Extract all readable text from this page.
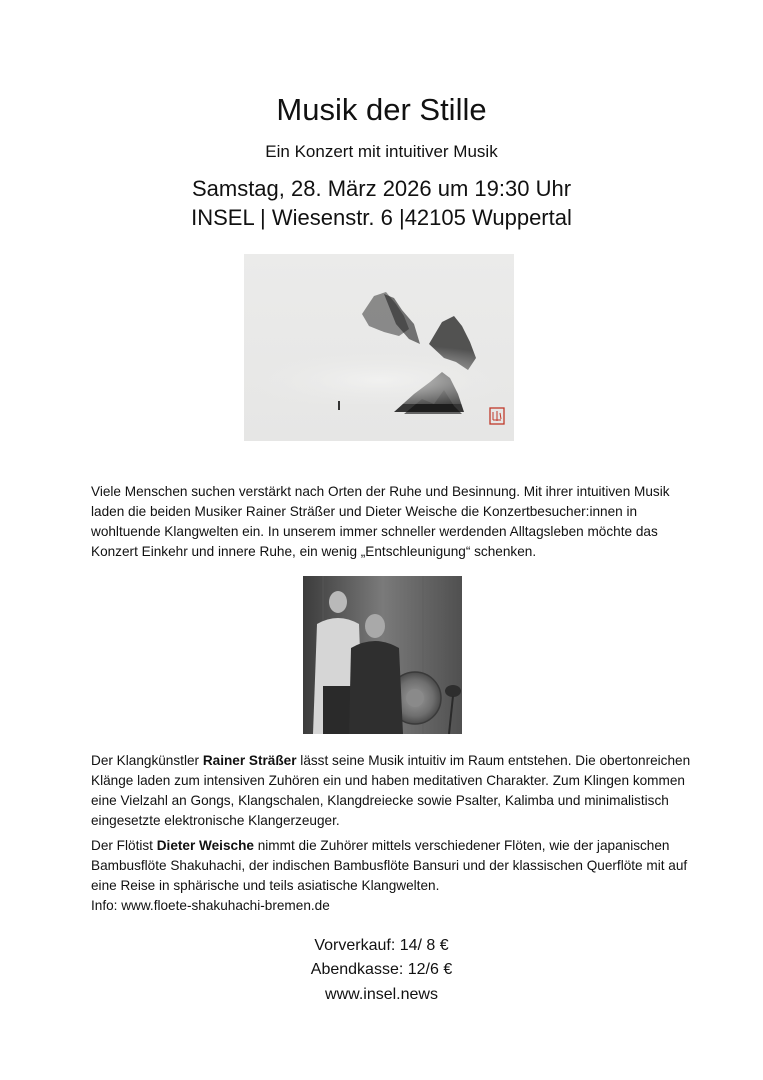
Musik der Stille
Ein Konzert mit intuitiver Musik
Samstag, 28. März 2026 um 19:30 Uhr
INSEL | Wiesenstr. 6 |42105 Wuppertal
Viele Menschen suchen verstärkt nach Orten der Ruhe und Besinnung. Mit ihrer intuitiven Musik laden die beiden Musiker Rainer Sträßer und Dieter Weische die Konzertbesucher:innen in wohltuende Klangwelten ein. In unserem immer schneller werdenden Alltagsleben möchte das Konzert Einkehr und innere Ruhe, ein wenig „Entschleunigung“ schenken.
Der Klangkünstler Rainer Sträßer lässt seine Musik intuitiv im Raum entstehen. Die obertonreichen Klänge laden zum intensiven Zuhören ein und haben meditativen Charakter. Zum Klingen kommen eine Vielzahl an Gongs, Klangschalen, Klangdreiecke sowie Psalter, Kalimba und minimalistisch eingesetzte elektronische Klangerzeuger.
Der Flötist Dieter Weische nimmt die Zuhörer mittels verschiedener Flöten, wie der japanischen Bambusflöte Shakuhachi, der indischen Bambusflöte Bansuri und der klassischen Querflöte mit auf eine Reise in sphärische und teils asiatische Klangwelten.
Info: www.floete-shakuhachi-bremen.de
Vorverkauf: 14/ 8 €
Abendkasse: 12/6 €
www.insel.news
